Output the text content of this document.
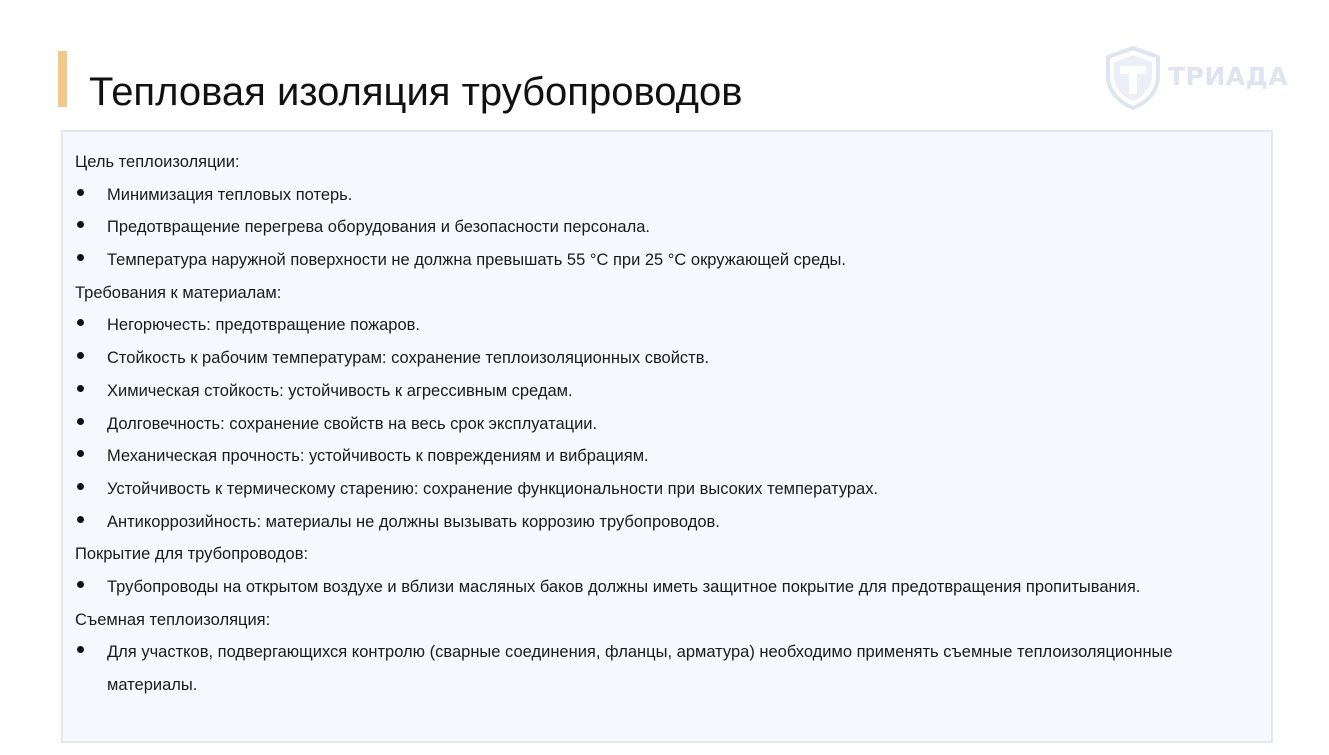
Тепловая изоляция трубопроводов	ТРИАДА
Цель теплоизоляции:
Минимизация тепловых потерь.
Предотвращение перегрева оборудования и безопасности персонала.
Температура наружной поверхности не должна превышать 55 °C при 25 °C окружающей среды.
Требования к материалам:
Негорючесть: предотвращение пожаров.
Стойкость к рабочим температурам: сохранение теплоизоляционных свойств.
Химическая стойкость: устойчивость к агрессивным средам.
Долговечность: сохранение свойств на весь срок эксплуатации.
Механическая прочность: устойчивость к повреждениям и вибрациям.
Устойчивость к термическому старению: сохранение функциональности при высоких температурах.
Антикоррозийность: материалы не должны вызывать коррозию трубопроводов.
Покрытие для трубопроводов:
Трубопроводы на открытом воздухе и вблизи масляных баков должны иметь защитное покрытие для предотвращения пропитывания.
Съемная теплоизоляция:
Для участков, подвергающихся контролю (сварные соединения, фланцы, арматура) необходимо применять съемные теплоизоляционные материалы.
